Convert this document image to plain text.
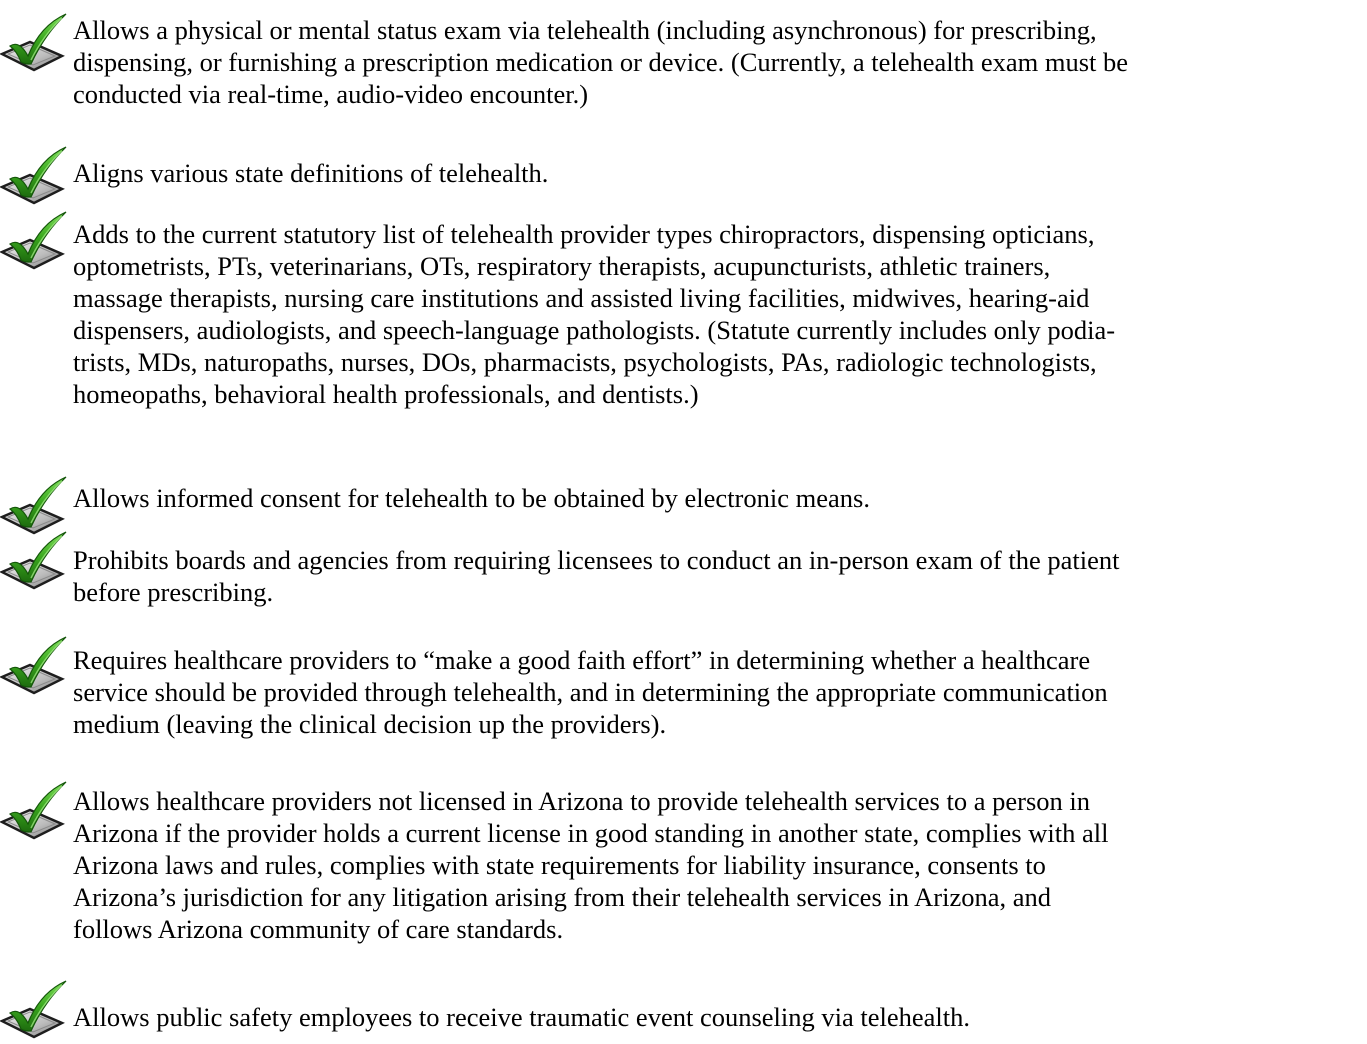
Allows a physical or mental status exam via telehealth (including asynchronous) for prescribing,
dispensing, or furnishing a prescription medication or device. (Currently, a telehealth exam must be
conducted via real-time, audio-video encounter.)

Aligns various state definitions of telehealth.

Adds to the current statutory list of telehealth provider types chiropractors, dispensing opticians,
optometrists, PTs, veterinarians, OTs, respiratory therapists, acupuncturists, athletic trainers,
massage therapists, nursing care institutions and assisted living facilities, midwives, hearing-aid
dispensers, audiologists, and speech-language pathologists. (Statute currently includes only podia-
trists, MDs, naturopaths, nurses, DOs, pharmacists, psychologists, PAs, radiologic technologists,
homeopaths, behavioral health professionals, and dentists.)

Allows informed consent for telehealth to be obtained by electronic means.

Prohibits boards and agencies from requiring licensees to conduct an in-person exam of the patient
before prescribing.

Requires healthcare providers to “make a good faith effort” in determining whether a healthcare
service should be provided through telehealth, and in determining the appropriate communication
medium (leaving the clinical decision up the providers).

Allows healthcare providers not licensed in Arizona to provide telehealth services to a person in
Arizona if the provider holds a current license in good standing in another state, complies with all
Arizona laws and rules, complies with state requirements for liability insurance, consents to
Arizona’s jurisdiction for any litigation arising from their telehealth services in Arizona, and
follows Arizona community of care standards.

Allows public safety employees to receive traumatic event counseling via telehealth.
